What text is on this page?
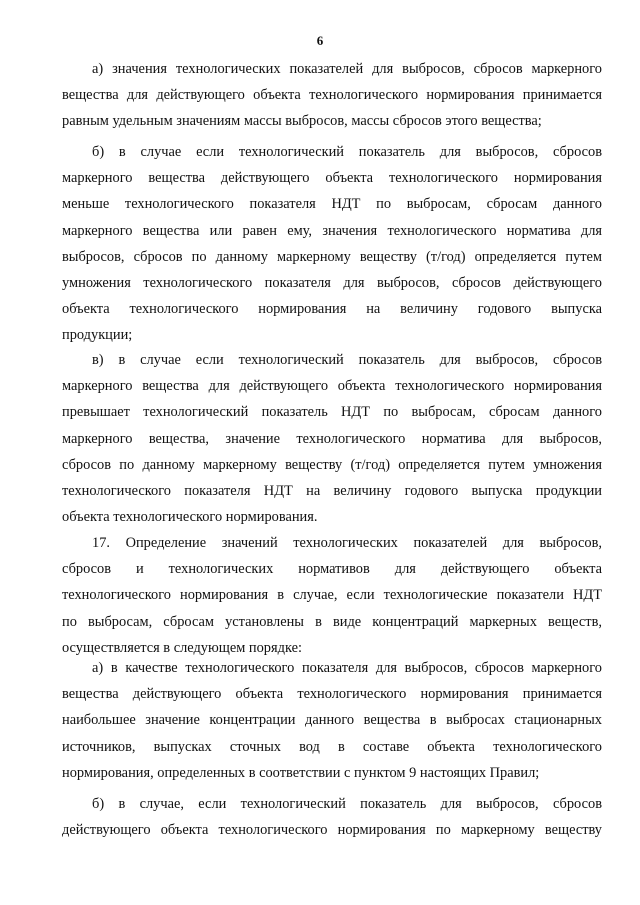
6
а) значения технологических показателей для выбросов, сбросов маркерного
вещества для действующего объекта технологического нормирования принимается
равным удельным значениям массы выбросов, массы сбросов этого вещества;
б) в случае если технологический показатель для выбросов, сбросов
маркерного вещества действующего объекта технологического нормирования
меньше технологического показателя НДТ по выбросам, сбросам данного
маркерного вещества или равен ему, значения технологического норматива для
выбросов, сбросов по данному маркерному веществу (т/год) определяется путем
умножения технологического показателя для выбросов, сбросов действующего
объекта технологического нормирования на величину годового выпуска
продукции;
в) в случае если технологический показатель для выбросов, сбросов
маркерного вещества для действующего объекта технологического нормирования
превышает технологический показатель НДТ по выбросам, сбросам данного
маркерного вещества, значение технологического норматива для выбросов,
сбросов по данному маркерному веществу (т/год) определяется путем умножения
технологического показателя НДТ на величину годового выпуска продукции
объекта технологического нормирования.
17. Определение значений технологических показателей для выбросов,
сбросов и технологических нормативов для действующего объекта
технологического нормирования в случае, если технологические показатели НДТ
по выбросам, сбросам установлены в виде концентраций маркерных веществ,
осуществляется в следующем порядке:
а) в качестве технологического показателя для выбросов, сбросов маркерного
вещества действующего объекта технологического нормирования принимается
наибольшее значение концентрации данного вещества в выбросах стационарных
источников, выпусках сточных вод в составе объекта технологического
нормирования, определенных в соответствии с пунктом 9 настоящих Правил;
б) в случае, если технологический показатель для выбросов, сбросов
действующего объекта технологического нормирования по маркерному веществу
